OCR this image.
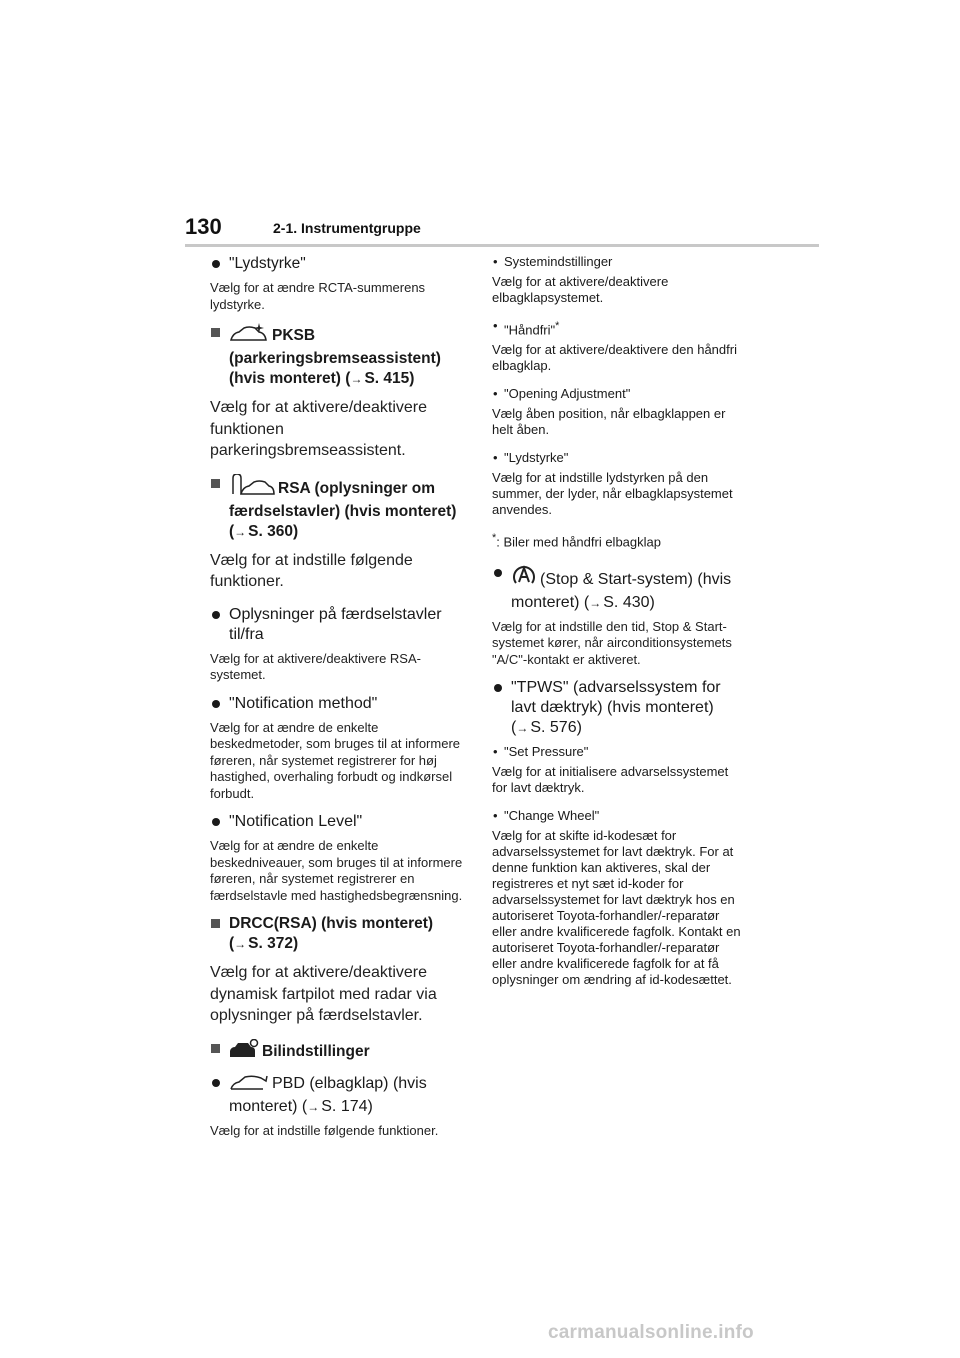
130	2-1. Instrumentgruppe
"Lydstyrke"
Vælg for at ændre RCTA-summerens lydstyrke.
PKSB (parkeringsbremseassistent) (hvis monteret) (→ S. 415)
Vælg for at aktivere/deaktivere funktionen parkeringsbremseassistent.
RSA (oplysninger om færdselstavler) (hvis monteret)
(→ S. 360)
Vælg for at indstille følgende funktioner.
Oplysninger på færdselstavler til/fra
Vælg for at aktivere/deaktivere RSA-systemet.
"Notification method"
Vælg for at ændre de enkelte beskedmetoder, som bruges til at informere føreren, når systemet registrerer for høj hastighed, overhaling forbudt og indkørsel forbudt.
"Notification Level"
Vælg for at ændre de enkelte beskedniveauer, som bruges til at informere føreren, når systemet registrerer en færdselstavle med hastighedsbegrænsning.
DRCC(RSA) (hvis monteret)
(→ S. 372)
Vælg for at aktivere/deaktivere dynamisk fartpilot med radar via oplysninger på færdselstavler.
Bilindstillinger
PBD (elbagklap) (hvis monteret) (→ S. 174)
Vælg for at indstille følgende funktioner.
• Systemindstillinger
Vælg for at aktivere/deaktivere elbagklapsystemet.
• "Håndfri"*
Vælg for at aktivere/deaktivere den håndfri elbagklap.
• "Opening Adjustment"
Vælg åben position, når elbagklappen er helt åben.
• "Lydstyrke"
Vælg for at indstille lydstyrken på den summer, der lyder, når elbagklapsystemet anvendes.
*: Biler med håndfri elbagklap
(Stop & Start-system) (hvis monteret) (→ S. 430)
Vælg for at indstille den tid, Stop & Start-systemet kører, når airconditionsystemets "A/C"-kontakt er aktiveret.
"TPWS" (advarselssystem for lavt dæktryk) (hvis monteret)
(→ S. 576)
• "Set Pressure"
Vælg for at initialisere advarselssystemet for lavt dæktryk.
• "Change Wheel"
Vælg for at skifte id-kodesæt for advarselssystemet for lavt dæktryk. For at denne funktion kan aktiveres, skal der registreres et nyt sæt id-koder for advarselssystemet for lavt dæktryk hos en autoriseret Toyota-forhandler/-reparatør eller andre kvalificerede fagfolk. Kontakt en autoriseret Toyota-forhandler/-reparatør eller andre kvalificerede fagfolk for at få oplysninger om ændring af id-kodesættet.
carmanualsonline.info
